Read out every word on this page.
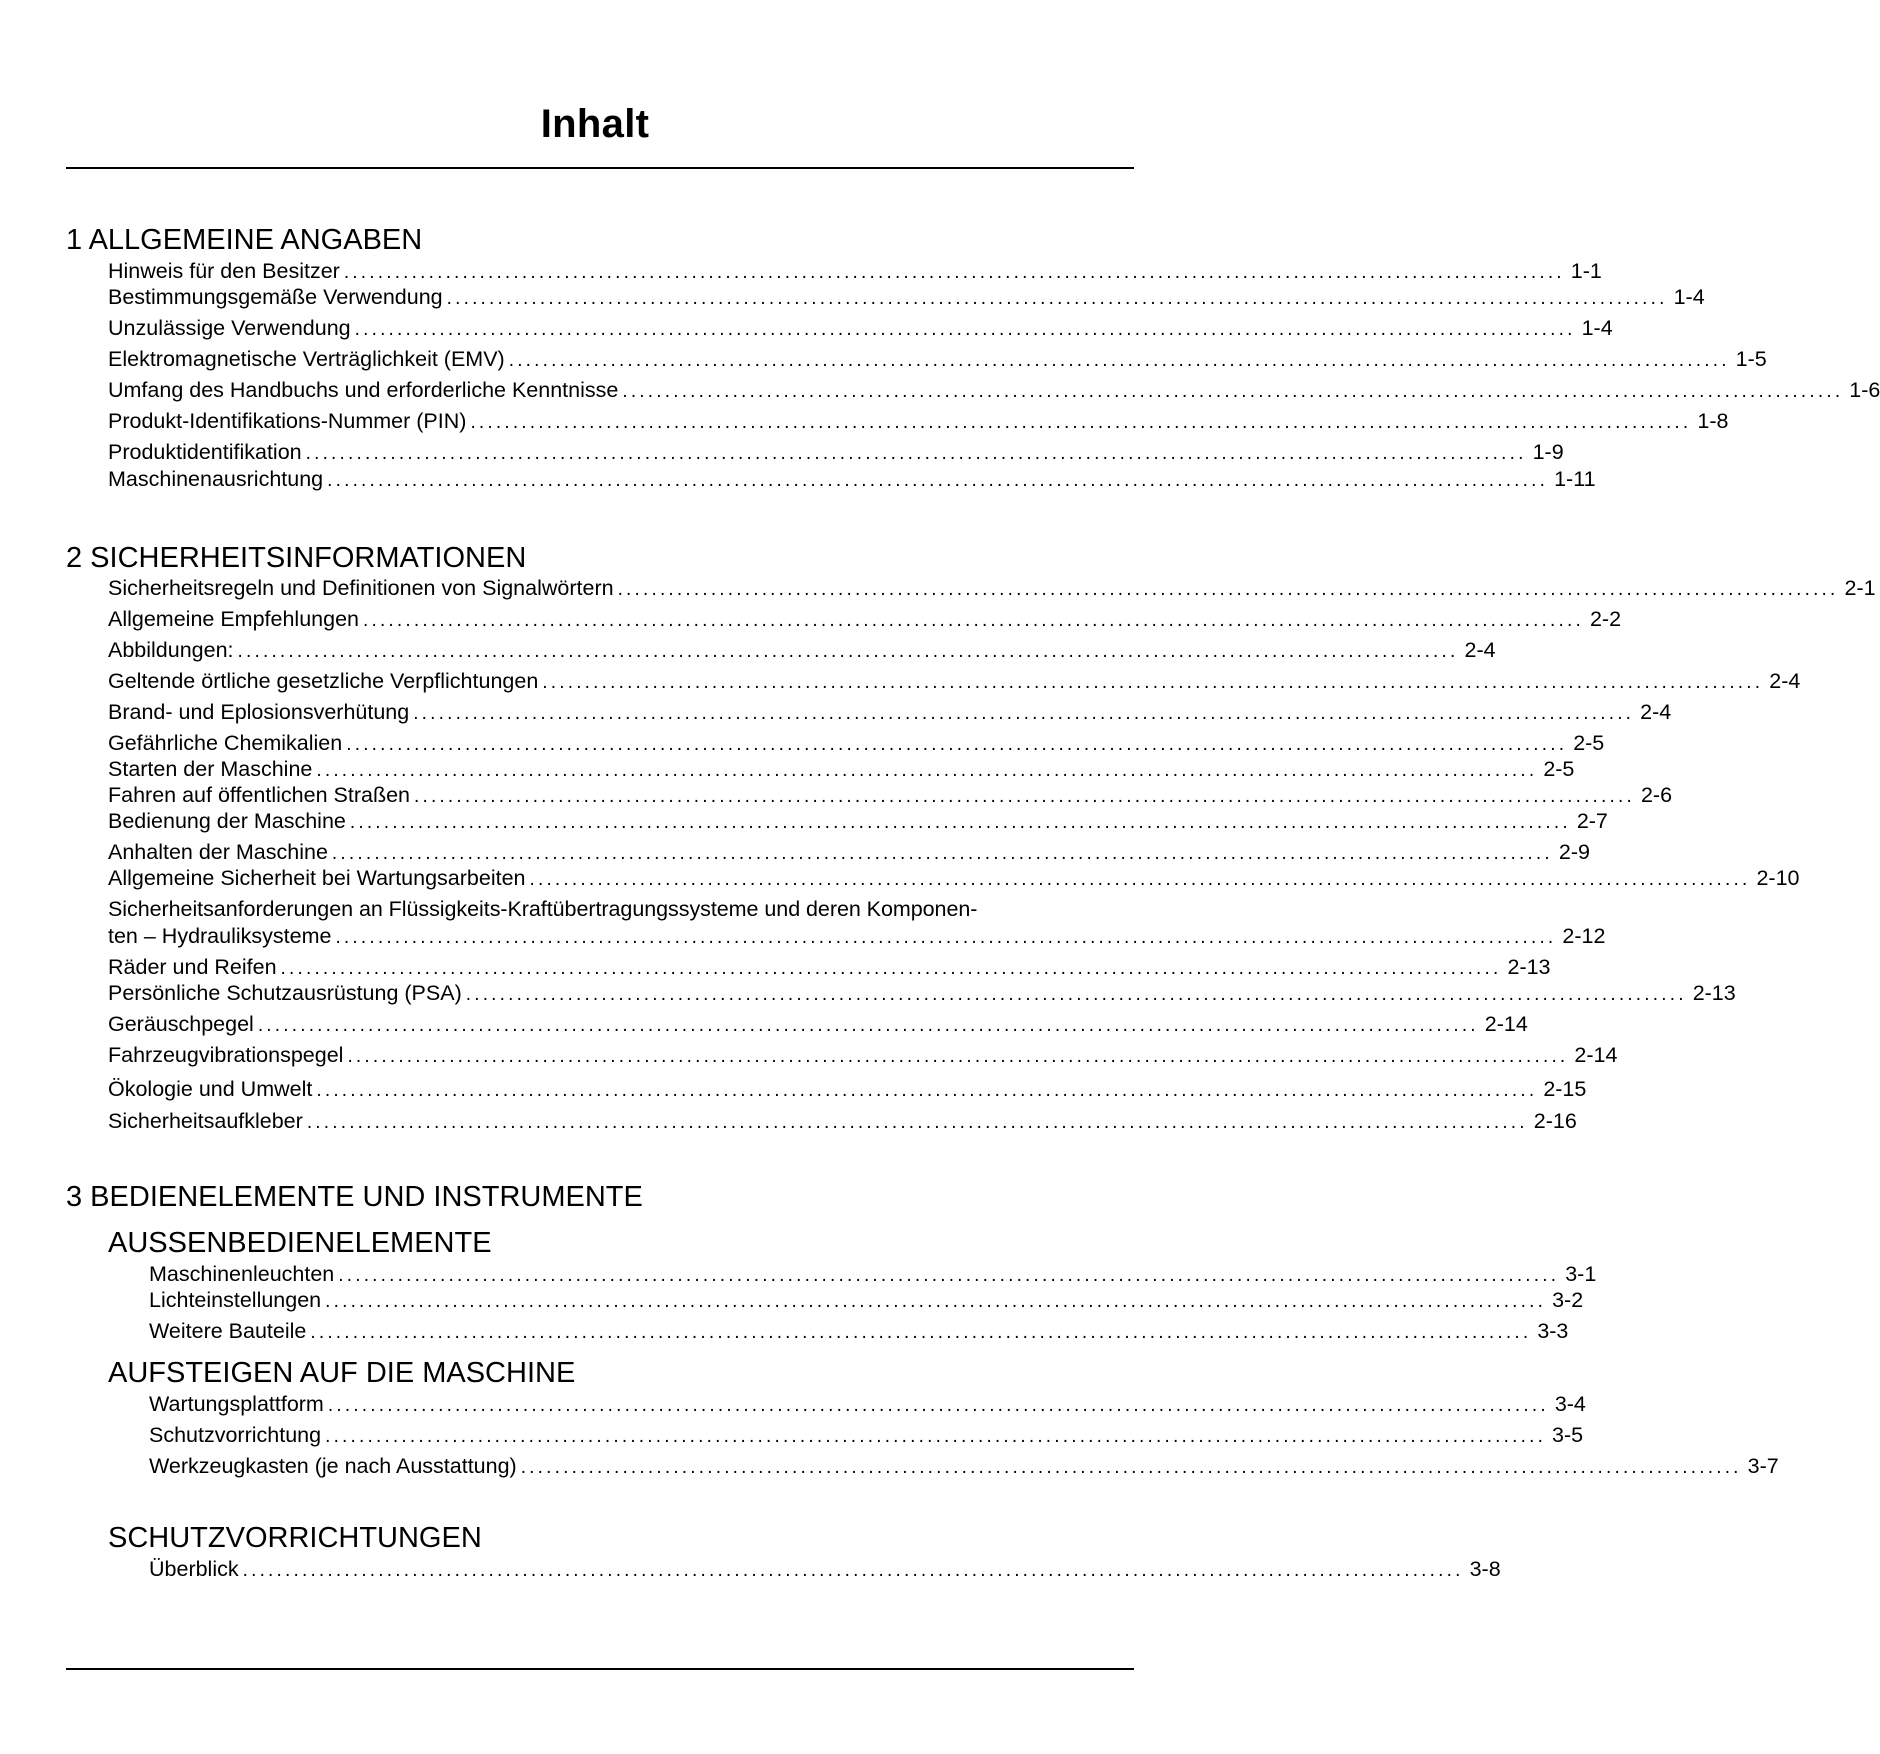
Inhalt
1 ALLGEMEINE ANGABEN
Hinweis für den Besitzer ................................................................................................................................................ 1-1
Bestimmungsgemäße Verwendung ................................................................................................................................................ 1-4
Unzulässige Verwendung ................................................................................................................................................ 1-4
Elektromagnetische Verträglichkeit (EMV) ................................................................................................................................................ 1-5
Umfang des Handbuchs und erforderliche Kenntnisse ................................................................................................................................................ 1-6
Produkt-Identifikations-Nummer (PIN) ................................................................................................................................................ 1-8
Produktidentifikation ................................................................................................................................................ 1-9
Maschinenausrichtung ................................................................................................................................................ 1-11
2 SICHERHEITSINFORMATIONEN
Sicherheitsregeln und Definitionen von Signalwörtern ................................................................................................................................................ 2-1
Allgemeine Empfehlungen ................................................................................................................................................ 2-2
Abbildungen: ................................................................................................................................................ 2-4
Geltende örtliche gesetzliche Verpflichtungen ................................................................................................................................................ 2-4
Brand- und Eplosionsverhütung ................................................................................................................................................ 2-4
Gefährliche Chemikalien ................................................................................................................................................ 2-5
Starten der Maschine ................................................................................................................................................ 2-5
Fahren auf öffentlichen Straßen ................................................................................................................................................ 2-6
Bedienung der Maschine ................................................................................................................................................ 2-7
Anhalten der Maschine ................................................................................................................................................ 2-9
Allgemeine Sicherheit bei Wartungsarbeiten ................................................................................................................................................ 2-10
Sicherheitsanforderungen an Flüssigkeits-Kraftübertragungssysteme und deren Komponen-
ten – Hydrauliksysteme ................................................................................................................................................ 2-12
Räder und Reifen ................................................................................................................................................ 2-13
Persönliche Schutzausrüstung (PSA) ................................................................................................................................................ 2-13
Geräuschpegel ................................................................................................................................................ 2-14
Fahrzeugvibrationspegel ................................................................................................................................................ 2-14
Ökologie und Umwelt ................................................................................................................................................ 2-15
Sicherheitsaufkleber ................................................................................................................................................ 2-16
3 BEDIENELEMENTE UND INSTRUMENTE
AUSSENBEDIENELEMENTE
Maschinenleuchten ................................................................................................................................................ 3-1
Lichteinstellungen ................................................................................................................................................ 3-2
Weitere Bauteile ................................................................................................................................................ 3-3
AUFSTEIGEN AUF DIE MASCHINE
Wartungsplattform ................................................................................................................................................ 3-4
Schutzvorrichtung ................................................................................................................................................ 3-5
Werkzeugkasten (je nach Ausstattung) ................................................................................................................................................ 3-7
SCHUTZVORRICHTUNGEN
Überblick ................................................................................................................................................ 3-8
